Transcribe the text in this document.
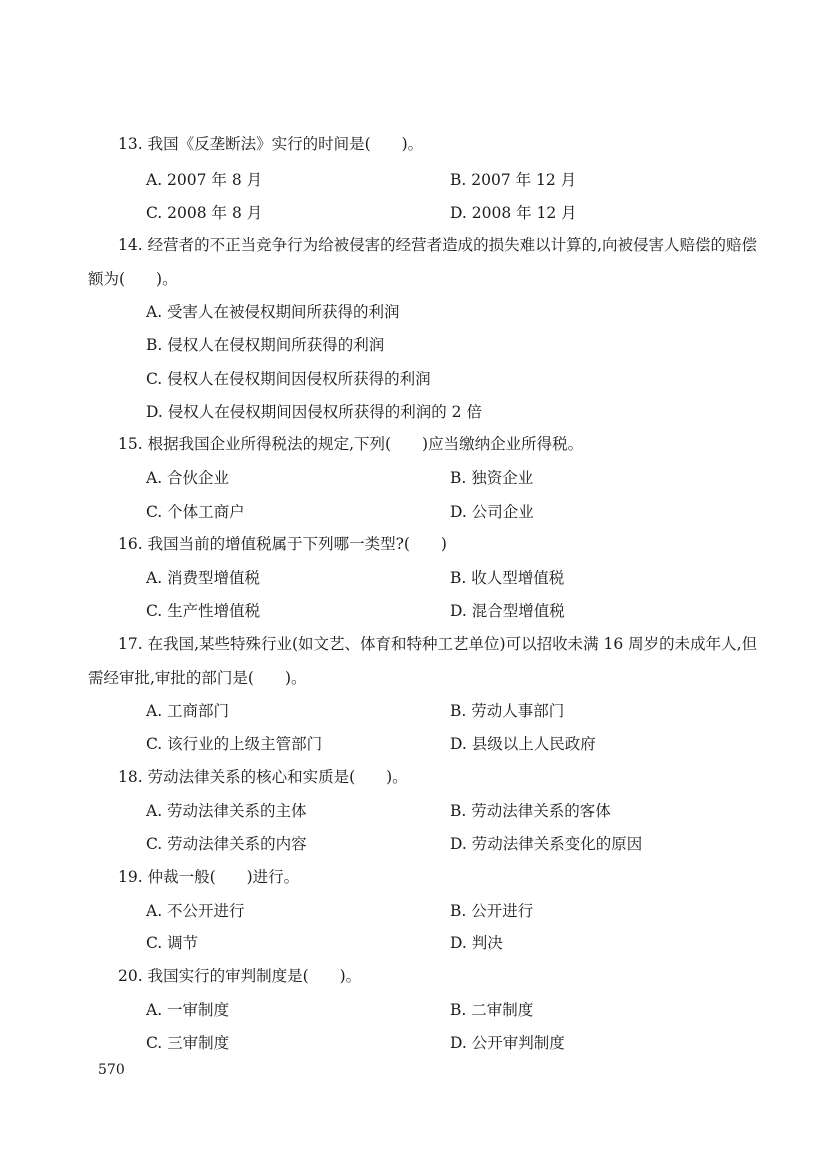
13. 我国《反垄断法》实行的时间是(　　)。
A. 2007 年 8 月	B. 2007 年 12 月
C. 2008 年 8 月	D. 2008 年 12 月
14. 经营者的不正当竞争行为给被侵害的经营者造成的损失难以计算的,向被侵害人赔偿的赔偿额为(　　)。
A. 受害人在被侵权期间所获得的利润
B. 侵权人在侵权期间所获得的利润
C. 侵权人在侵权期间因侵权所获得的利润
D. 侵权人在侵权期间因侵权所获得的利润的 2 倍
15. 根据我国企业所得税法的规定,下列(　　)应当缴纳企业所得税。
A. 合伙企业	B. 独资企业
C. 个体工商户	D. 公司企业
16. 我国当前的增值税属于下列哪一类型?(　　)
A. 消费型增值税	B. 收人型增值税
C. 生产性增值税	D. 混合型增值税
17. 在我国,某些特殊行业(如文艺、体育和特种工艺单位)可以招收未满 16 周岁的未成年人,但需经审批,审批的部门是(　　)。
A. 工商部门	B. 劳动人事部门
C. 该行业的上级主管部门	D. 县级以上人民政府
18. 劳动法律关系的核心和实质是(　　)。
A. 劳动法律关系的主体	B. 劳动法律关系的客体
C. 劳动法律关系的内容	D. 劳动法律关系变化的原因
19. 仲裁一般(　　)进行。
A. 不公开进行	B. 公开进行
C. 调节	D. 判决
20. 我国实行的审判制度是(　　)。
A. 一审制度	B. 二审制度
C. 三审制度	D. 公开审判制度
570
